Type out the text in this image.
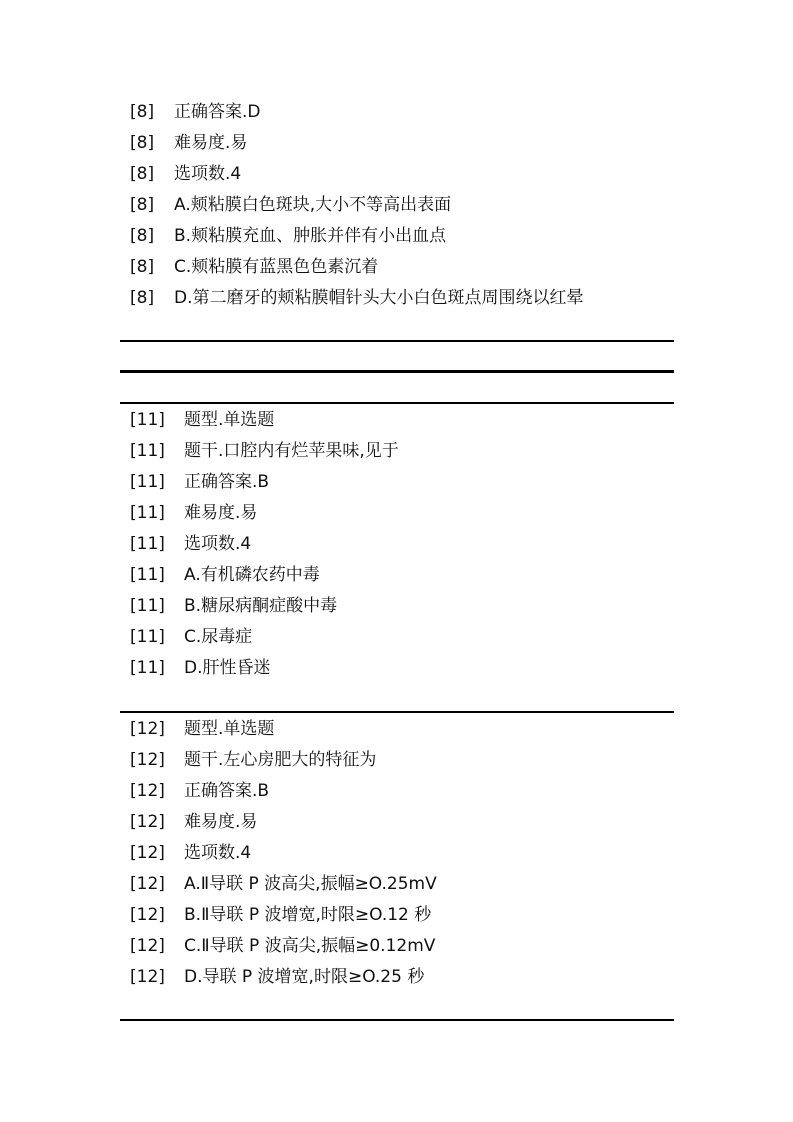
[8]	正确答案.D
[8]	难易度.易
[8]	选项数.4
[8]	A.颊粘膜白色斑块,大小不等高出表面
[8]	B.颊粘膜充血、肿胀并伴有小出血点
[8]	C.颊粘膜有蓝黑色色素沉着
[8]	D.第二磨牙的颊粘膜帽针头大小白色斑点周围绕以红晕
[11]	题型.单选题
[11]	题干.口腔内有烂苹果味,见于
[11]	正确答案.B
[11]	难易度.易
[11]	选项数.4
[11]	A.有机磷农药中毒
[11]	B.糖尿病酮症酸中毒
[11]	C.尿毒症
[11]	D.肝性昏迷
[12]	题型.单选题
[12]	题干.左心房肥大的特征为
[12]	正确答案.B
[12]	难易度.易
[12]	选项数.4
[12]	A.Ⅱ导联 P 波高尖,振幅≥O.25mV
[12]	B.Ⅱ导联 P 波增宽,时限≥O.12 秒
[12]	C.Ⅱ导联 P 波高尖,振幅≥0.12mV
[12]	D.导联 P 波增宽,时限≥O.25 秒
